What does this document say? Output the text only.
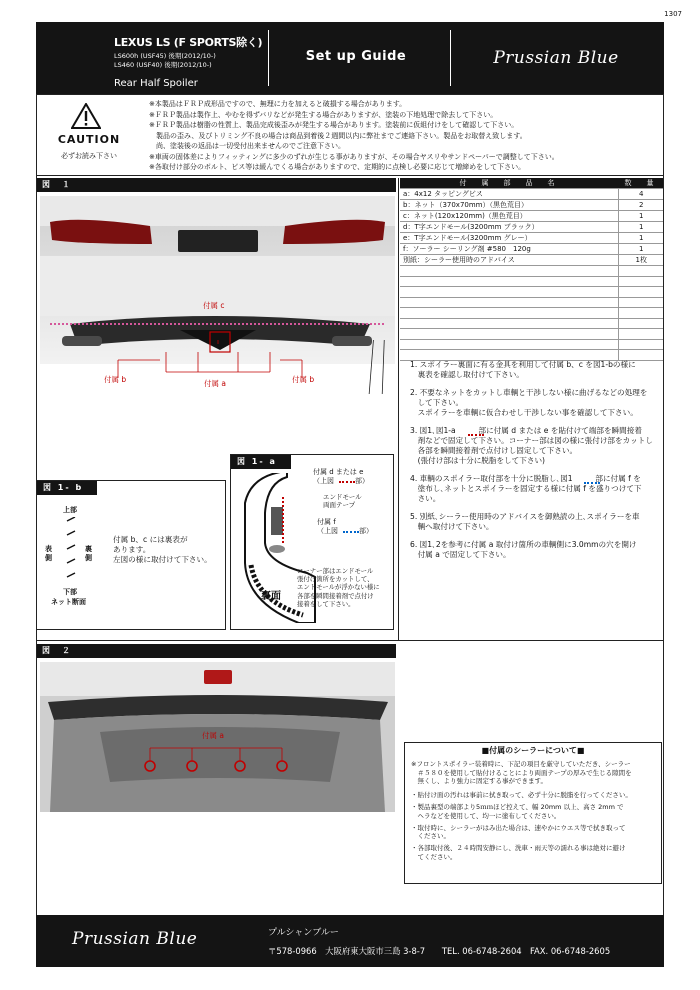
1307
LEXUS LS (F SPORTS除く)
LS600h (USF45) 後期(2012/10-)
LS460 (USF40) 後期(2012/10-)
Rear Half Spoiler
Set up Guide	Prussian Blue
CAUTION
必ずお読み下さい
※本製品はＦＲＰ成形品ですので、無理に力を加えると破損する場合があります。
※ＦＲＰ製品は製作上、やむを得ずバリなどが発生する場合がありますが、塗装の下地処理で除去して下さい。
※ＦＲＰ製品は樹脂の性質上、製品完成後歪みが発生する場合があります。塗装前に仮組付けをして確認して下さい。
　製品の歪み、及びトリミング不良の場合は商品到着後２週間以内に弊社までご連絡下さい。製品をお取替え致します。
　尚、塗装後の返品は一切受付出来ませんのでご注意下さい。
※車両の固体差によりフィッティングに多少のずれが生じる事がありますが、その場合ヤスリやサンドペーパーで調整して下さい。
※各取付け部分のボルト、ビス等は緩んでくる場合がありますので、定期的に点検し必要に応じて増締めをして下さい。
図　１
付属 c
付属 b	付属 a	付属 b
付　属　部　品　名	数　量
a：4x12 タッピングビス	4
b：ネット（370x70mm）（黒色荒目）	2
c：ネット(120x120mm)（黒色荒目）	1
d：T字エンドモール(3200mm ブラック）	1
e：T字エンドモール(3200mm グレー）	1
f：ソーラー シーリング剤 #580　120g	1
別紙：シーラー使用時のアドバイス	1枚

1. スポイラー裏面に有る金具を利用して付属 b、c を図1-bの様に
　裏表を確認し取付けて下さい。
2. 不要なネットをカットし車輌と干渉しない様に曲げるなどの処理を
　して下さい。
　スポイラーを車輌に仮合わせし干渉しない事を確認して下さい。
3. 図1､図1-a　　　部に付属 d または e を貼付けて端部を瞬間接着
　剤などで固定して下さい。コーナー部は図の様に張付け部をカットし
　各部を瞬間接着剤で点付けし固定して下さい。
　(張付け部は十分に脱脂をして下さい)
4. 車輌のスポイラー取付部を十分に脱脂し､図1　　　部に付属 f を
　塗布し､ネットとスポイラーを固定する様に付属 f を盛りつけて下
　さい。
5. 別紙､シーラー使用時のアドバイスを御熟読の上､スポイラーを車
　輌へ取付けて下さい。
6. 図1､2を参考に付属 a 取付け箇所の車輌側に3.0mmの穴を開け
　付属 a で固定して下さい。
図 1- a
付属 d または e
（上図　　　部）
エンドモール
両面テープ
付属 f
（上図　　　部）
裏面
コーナー部はエンドモール
張付け箇所をカットして、
エンドモールが浮かない様に
各部を瞬間接着剤で点付け
接着をして下さい。
図 1- b
上部
表側
裏側
下部
ネット断面
付属 b、c には裏表が
あります。
左図の様に取付けて下さい。
図　２
付属 a
■付属のシーラーについて■
※フロントスポイラー装着時に、下記の項目を厳守していただき、シーラー
　＃５８０を使用して貼付けることにより両面テープの厚みで生じる隙間を
　無くし、より強力に固定する事ができます。
・貼付け面の汚れは事前に拭き取って、必ず十分に脱脂を行ってください。
・製品裏型の端部より5ｍｍほど控えて、幅 20mm 以上、高さ 2mm で
　ヘラなどを使用して、均一に塗布してください。
・取付時に、シーラーがはみ出た場合は、速やかにウエス等で拭き取って
　ください。
・各部取付後、２４時間安静にし、洗車・雨天等の濡れる事は絶対に避け
　てください。
Prussian Blue	プルシャンブルー
〒578-0966　大阪府東大阪市三島 3-8-7　　TEL. 06-6748-2604　FAX. 06-6748-2605
